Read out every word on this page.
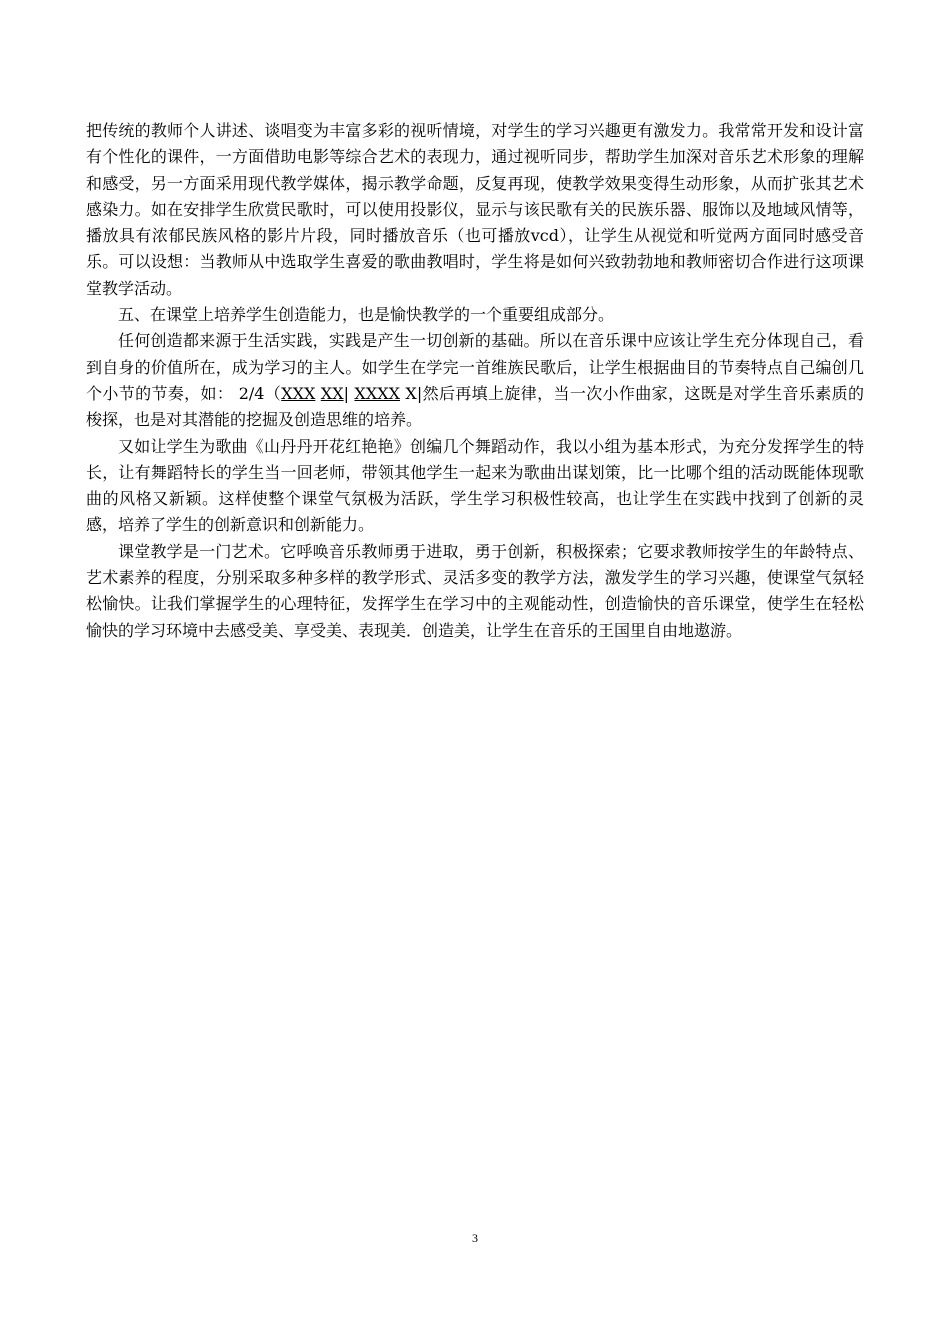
把传统的教师个人讲述、谈唱变为丰富多彩的视听情境，对学生的学习兴趣更有激发力。我常常开发和设计富有个性化的课件，一方面借助电影等综合艺术的表现力，通过视听同步，帮助学生加深对音乐艺术形象的理解和感受，另一方面采用现代教学媒体，揭示教学命题，反复再现，使教学效果变得生动形象，从而扩张其艺术感染力。如在安排学生欣赏民歌时，可以使用投影仪，显示与该民歌有关的民族乐器、服饰以及地域风情等，播放具有浓郁民族风格的影片片段，同时播放音乐（也可播放vcd），让学生从视觉和听觉两方面同时感受音乐。可以设想：当教师从中选取学生喜爱的歌曲教唱时，学生将是如何兴致勃勃地和教师密切合作进行这项课堂教学活动。

五、在课堂上培养学生创造能力，也是愉快教学的一个重要组成部分。

任何创造都来源于生活实践，实践是产生一切创新的基础。所以在音乐课中应该让学生充分体现自己，看到自身的价值所在，成为学习的主人。如学生在学完一首维族民歌后，让学生根据曲目的节奏特点自己编创几个小节的节奏，如： 2/4（XXX XX| XXXX X|然后再填上旋律，当一次小作曲家，这既是对学生音乐素质的梭探，也是对其潜能的挖掘及创造思维的培养。

又如让学生为歌曲《山丹丹开花红艳艳》创编几个舞蹈动作，我以小组为基本形式，为充分发挥学生的特长，让有舞蹈特长的学生当一回老师，带领其他学生一起来为歌曲出谋划策，比一比哪个组的活动既能体现歌曲的风格又新颖。这样使整个课堂气氛极为活跃，学生学习积极性较高，也让学生在实践中找到了创新的灵感，培养了学生的创新意识和创新能力。

课堂教学是一门艺术。它呼唤音乐教师勇于进取，勇于创新，积极探索；它要求教师按学生的年龄特点、艺术素养的程度，分别采取多种多样的教学形式、灵活多变的教学方法，激发学生的学习兴趣，使课堂气氛轻松愉快。让我们掌握学生的心理特征，发挥学生在学习中的主观能动性，创造愉快的音乐课堂，使学生在轻松愉快的学习环境中去感受美、享受美、表现美．创造美，让学生在音乐的王国里自由地遨游。

3
